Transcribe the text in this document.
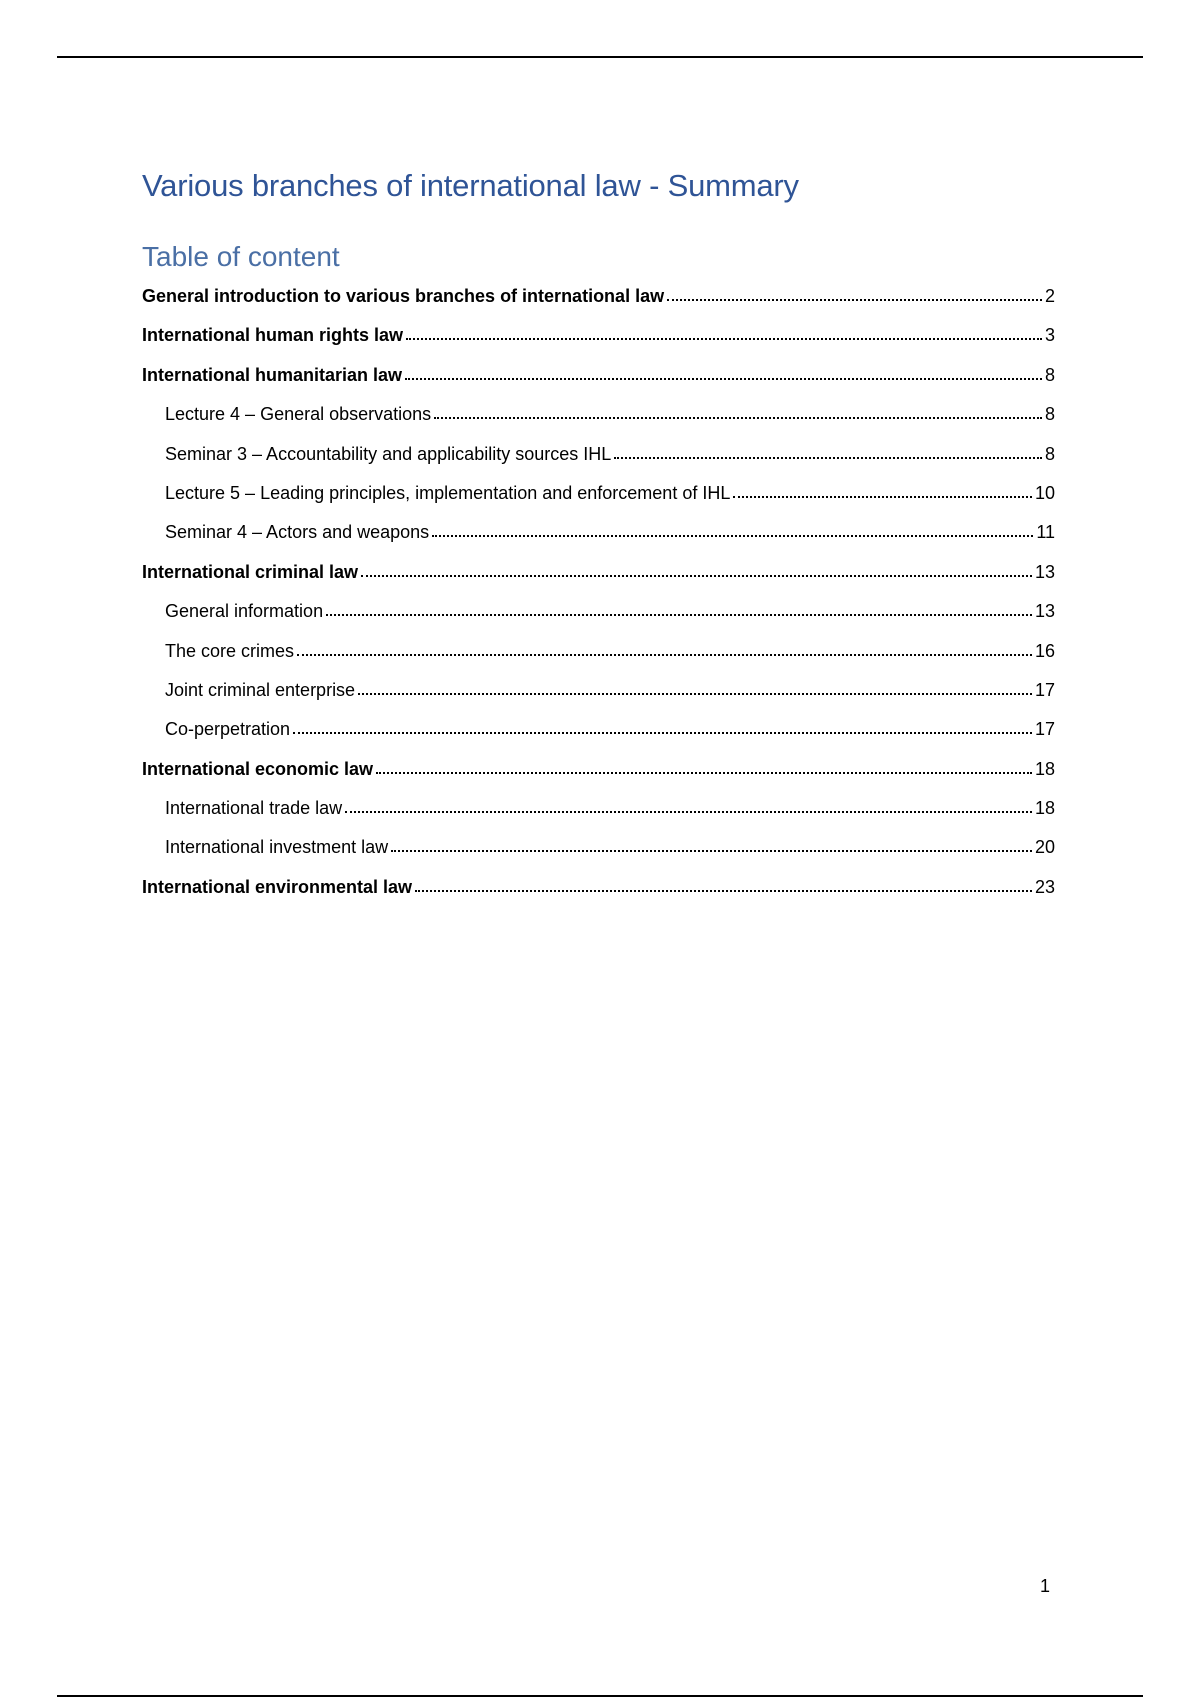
Various branches of international law - Summary
Table of content
General introduction to various branches of international law	2
International human rights law	3
International humanitarian law	8
Lecture 4 – General observations	8
Seminar 3 – Accountability and applicability sources IHL	8
Lecture 5 – Leading principles, implementation and enforcement of IHL	10
Seminar 4 – Actors and weapons	11
International criminal law	13
General information	13
The core crimes	16
Joint criminal enterprise	17
Co-perpetration	17
International economic law	18
International trade law	18
International investment law	20
International environmental law	23
1
